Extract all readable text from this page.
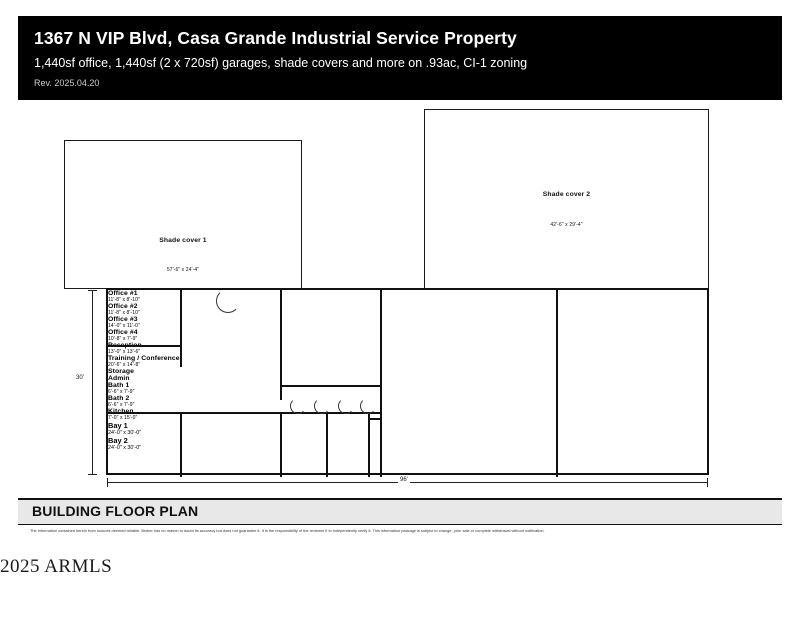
1367 N VIP Blvd, Casa Grande Industrial Service Property
1,440sf office, 1,440sf (2 x 720sf) garages, shade covers and more on .93ac, CI-1 zoning
Rev. 2025.04.20
Shade cover 2
42'-6" x 29'-4"
Shade cover 1
57'-6" x 24'-4"
Office #1
11'-8" x 8'-10"
Office #2
11'-8" x 8'-10"
Office #3
14'-0" x 11'-0"
Office #4
10'-8" x 7'-9"
13'-0" x 13'-6"
Training / Conference
20'-6" x 14'-8"
Storage
Admin
Bath 1
6'-6" x 7'-9"
Bath 2
6'-6" x 7'-9"
7'-0" x 15'-0"
Bay 1
24'-0" x 30'-0"
Bay 2
24'-0" x 30'-0"
30'
96'
BUILDING FLOOR PLAN
The information contained herein from sources deemed reliable. Broker has no reason to doubt its accuracy but does not guarantee it. It is the responsibility of the reviewer it to independently verify it. This information package is subject to change, prior sale or complete withdrawal without notification.
2025 ARMLS
